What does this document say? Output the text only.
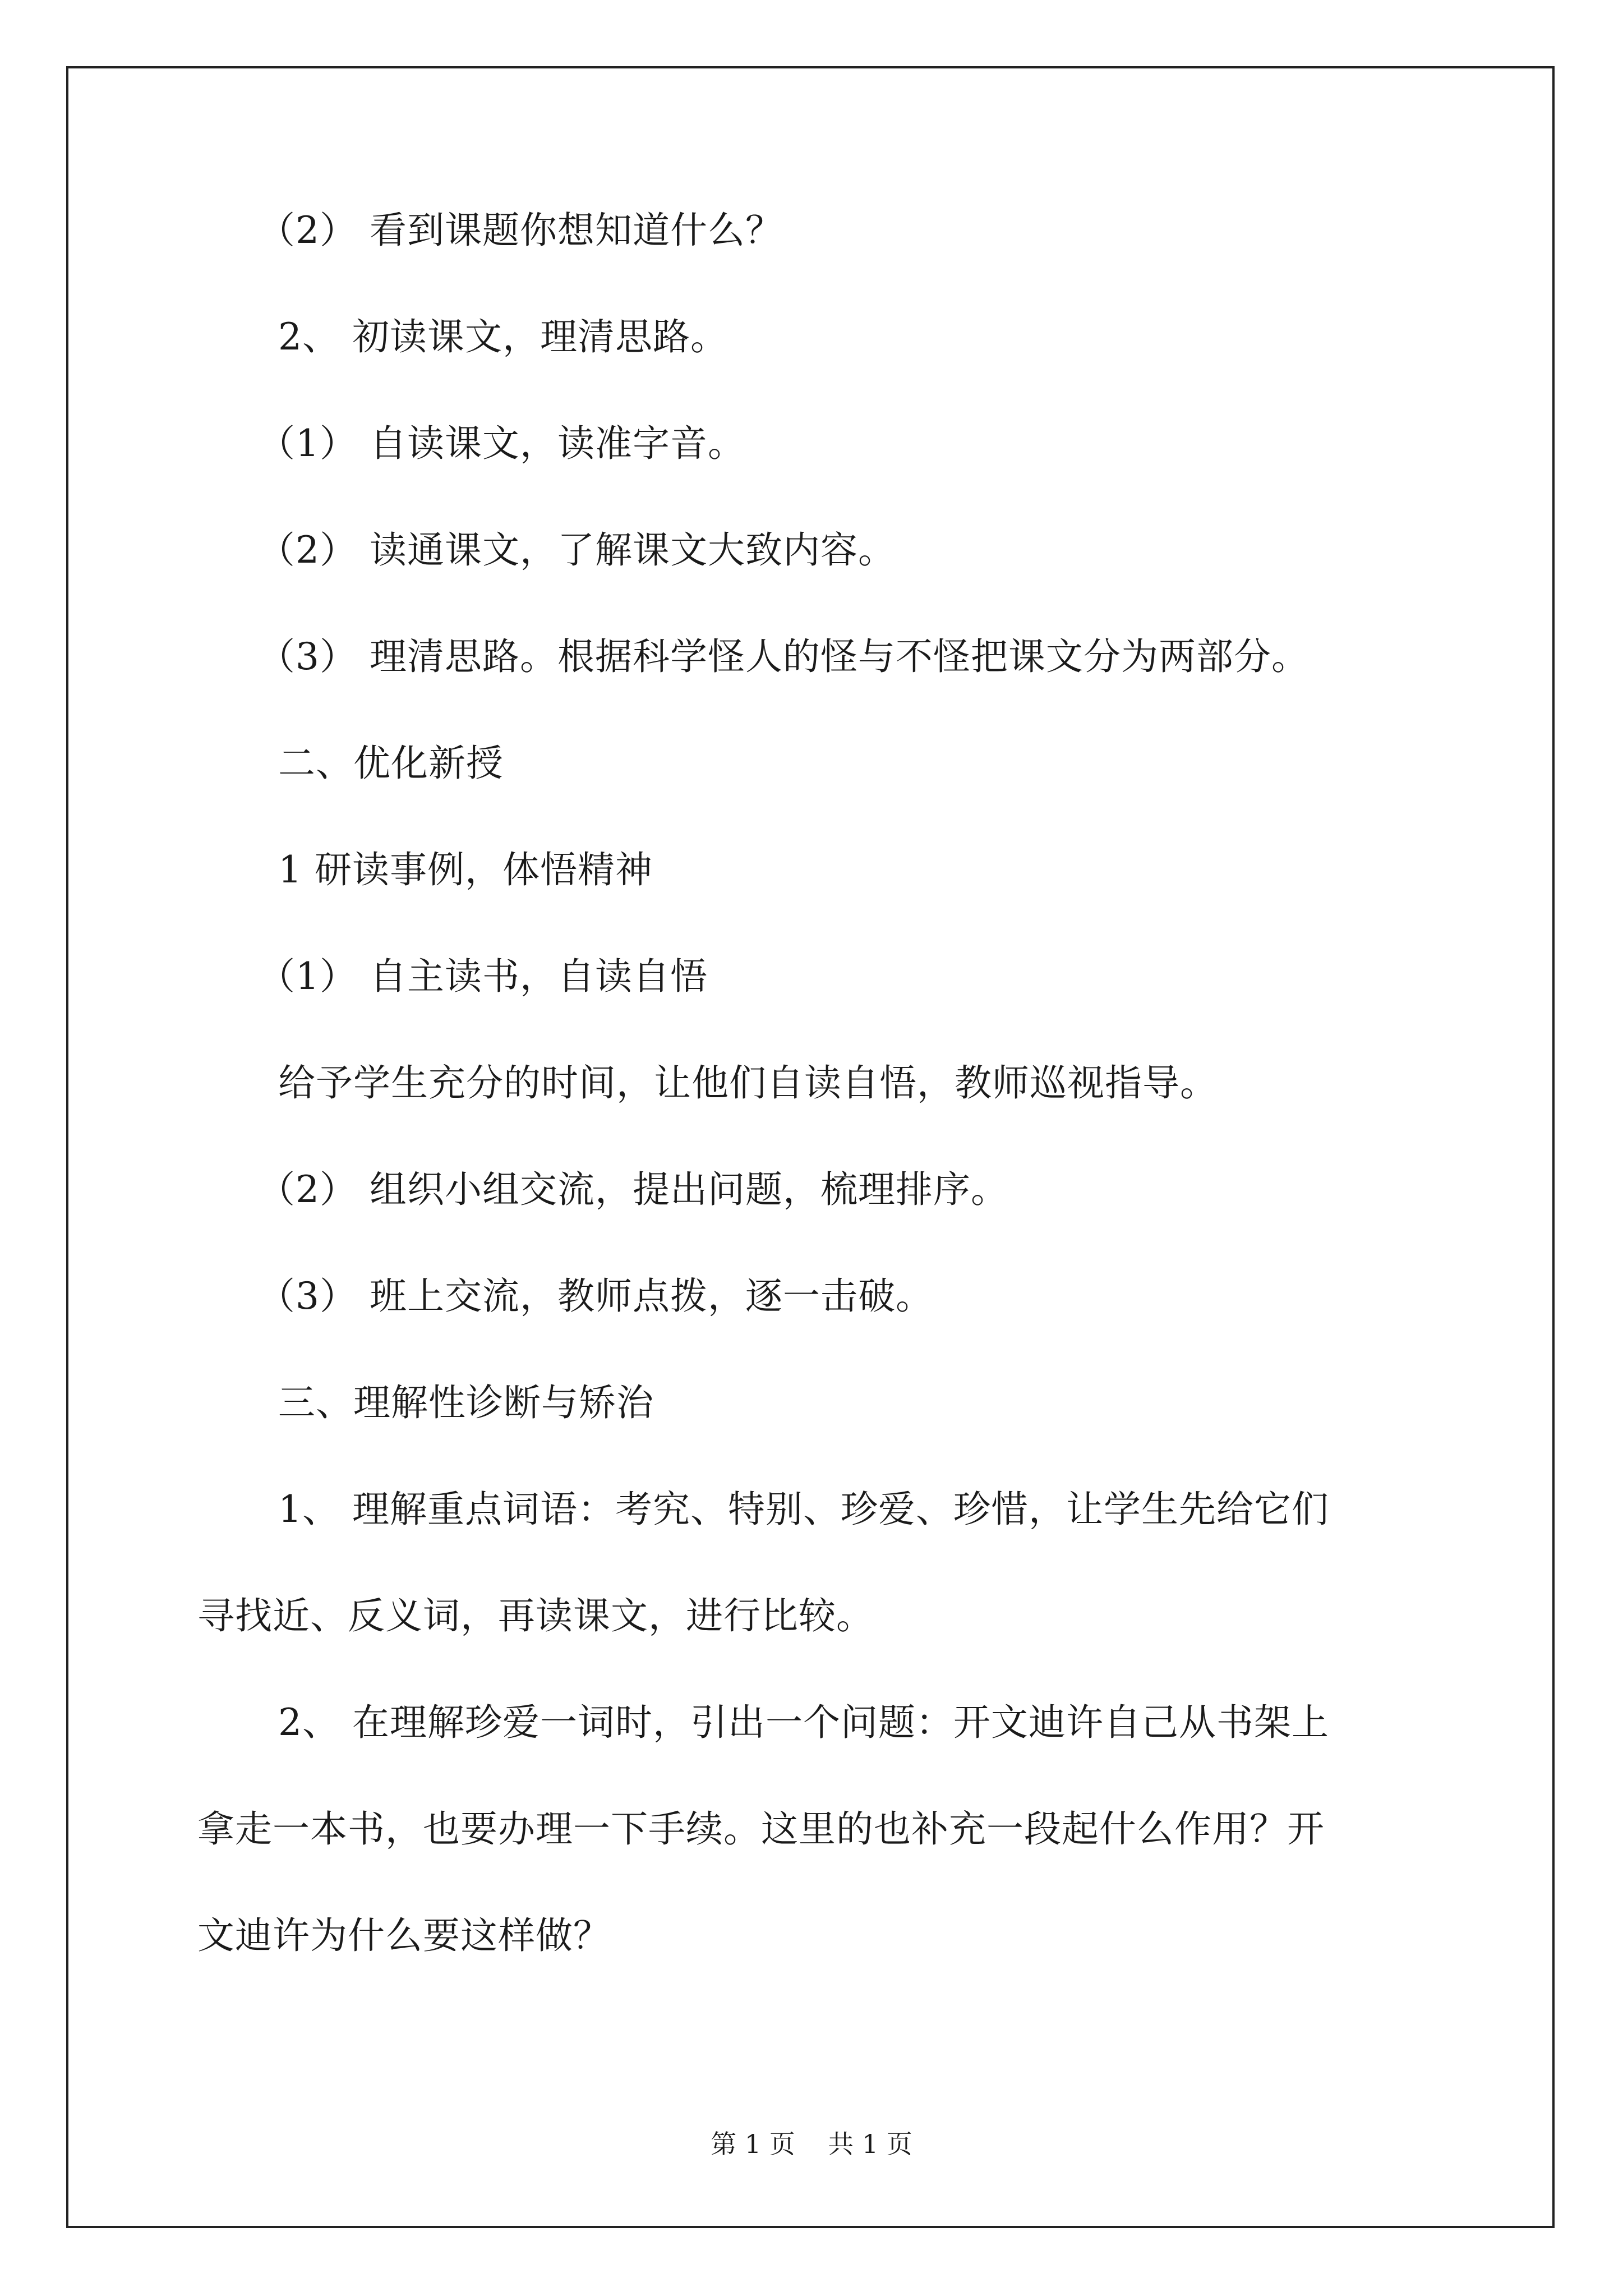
（2） 看到课题你想知道什么？
2、 初读课文，理清思路。
（1） 自读课文，读准字音。
（2） 读通课文，了解课文大致内容。
（3） 理清思路。根据科学怪人的怪与不怪把课文分为两部分。
二、优化新授
1 研读事例，体悟精神
（1） 自主读书，自读自悟
给予学生充分的时间，让他们自读自悟，教师巡视指导。
（2） 组织小组交流，提出问题，梳理排序。
（3） 班上交流，教师点拨，逐一击破。
三、理解性诊断与矫治
1、 理解重点词语：考究、特别、珍爱、珍惜，让学生先给它们
寻找近、反义词，再读课文，进行比较。
2、 在理解珍爱一词时，引出一个问题：开文迪许自己从书架上
拿走一本书，也要办理一下手续。这里的也补充一段起什么作用？开
文迪许为什么要这样做？
第 1 页    共 1 页
